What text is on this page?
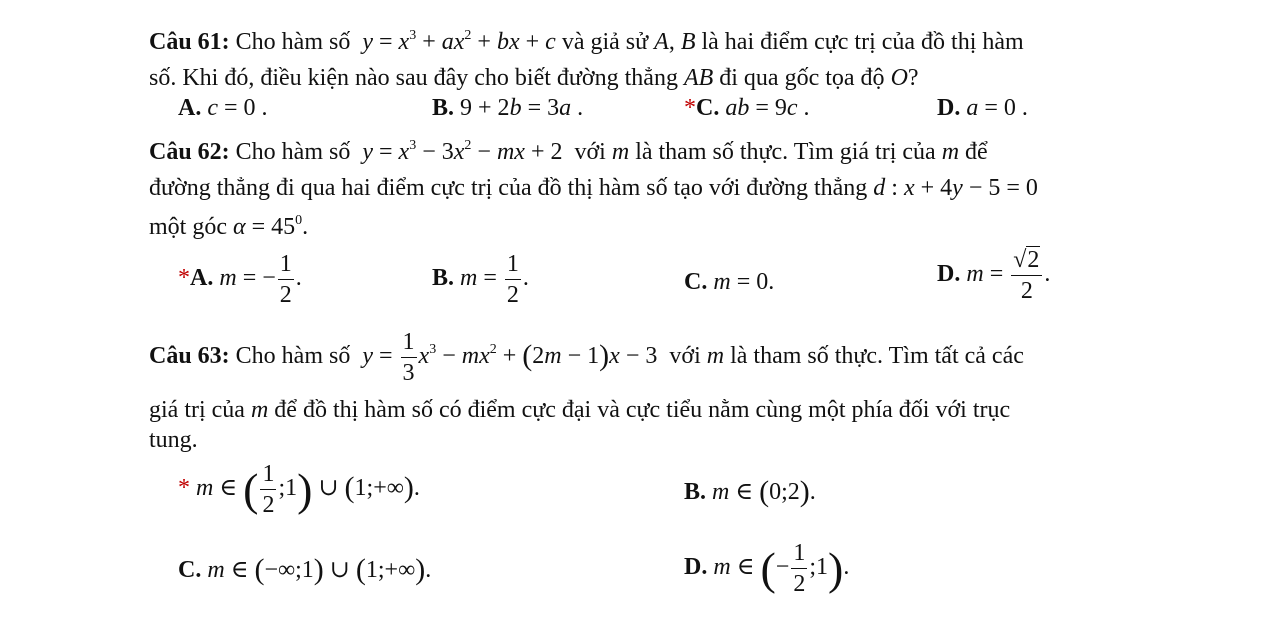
Câu 61: Cho hàm số $y = x^3 + ax^2$ + bx + c và giả sử A, B là hai điểm cực trị của đồ thị hàm
số. Khi đó, điều kiện nào sau đây cho biết đường thẳng AB đi qua gốc tọa độ O?
A. c = 0 .	B. 9 + 2b = 3a .	*C. ab = 9c .	D. a = 0 .
Câu 62: Cho hàm số $y = x^3 - 3x^2$ − mx + 2  với m là tham số thực. Tìm giá trị của m để
đường thẳng đi qua hai điểm cực trị của đồ thị hàm số tạo với đường thẳng d : x + 4y − 5 = 0
một góc $\alpha = 45^0$.
*A. m = − $\frac{1}{2}$ .	B. $m = \frac{1}{2}$ .	C. m = 0.	D. $m = \frac{√2}{2}$ .
Câu 63: Cho hàm số $y = \frac{1}{3} x^3 - mx^2 + (2m - 1)x - 3$  với m là tham số thực. Tìm tất cả các
giá trị của m để đồ thị hàm số có điểm cực đại và cực tiểu nằm cùng một phía đối với trục
tung.
* m ∈ ( $\frac{1}{2}$ ;1) ∪ (1;+∞).	B. m ∈ (0;2).
C. m ∈ (−∞;1) ∪ (1;+∞).	D. m ∈ (− $\frac{1}{2}$ ;1).
